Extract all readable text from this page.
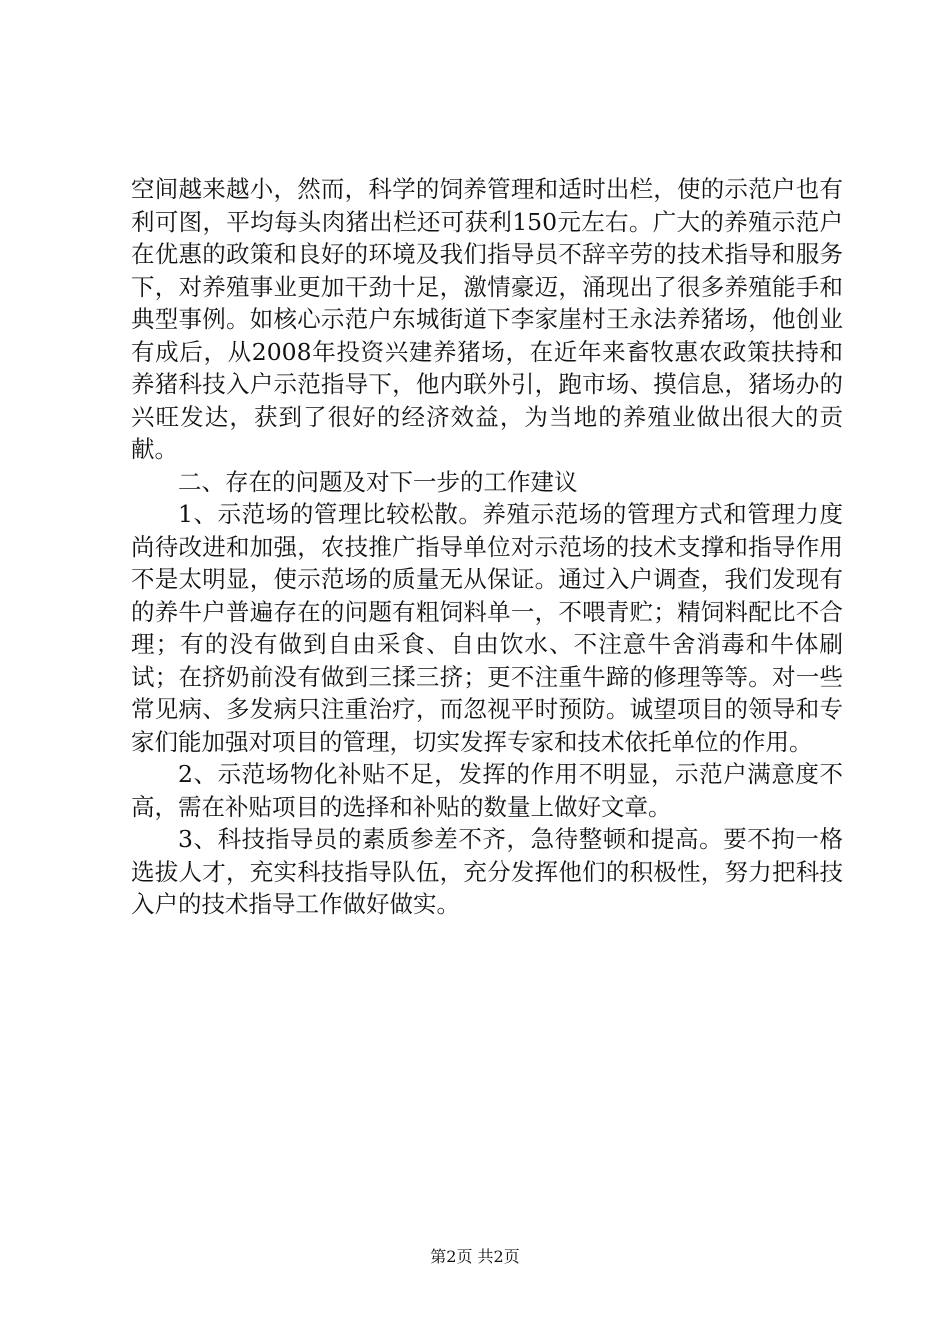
空间越来越小，然而，科学的饲养管理和适时出栏，使的示范户也有利可图，平均每头肉猪出栏还可获利150元左右。广大的养殖示范户在优惠的政策和良好的环境及我们指导员不辞辛劳的技术指导和服务下，对养殖事业更加干劲十足，激情豪迈，涌现出了很多养殖能手和典型事例。如核心示范户东城街道下李家崖村王永法养猪场，他创业有成后，从2008年投资兴建养猪场，在近年来畜牧惠农政策扶持和养猪科技入户示范指导下，他内联外引，跑市场、摸信息，猪场办的兴旺发达，获到了很好的经济效益，为当地的养殖业做出很大的贡献。

二、存在的问题及对下一步的工作建议

1、示范场的管理比较松散。养殖示范场的管理方式和管理力度尚待改进和加强，农技推广指导单位对示范场的技术支撑和指导作用不是太明显，使示范场的质量无从保证。通过入户调查，我们发现有的养牛户普遍存在的问题有粗饲料单一，不喂青贮；精饲料配比不合理；有的没有做到自由采食、自由饮水、不注意牛舍消毒和牛体刷试；在挤奶前没有做到三揉三挤；更不注重牛蹄的修理等等。对一些常见病、多发病只注重治疗，而忽视平时预防。诚望项目的领导和专家们能加强对项目的管理，切实发挥专家和技术依托单位的作用。

2、示范场物化补贴不足，发挥的作用不明显，示范户满意度不高，需在补贴项目的选择和补贴的数量上做好文章。

3、科技指导员的素质参差不齐，急待整顿和提高。要不拘一格选拔人才，充实科技指导队伍，充分发挥他们的积极性，努力把科技入户的技术指导工作做好做实。

第2页 共2页
